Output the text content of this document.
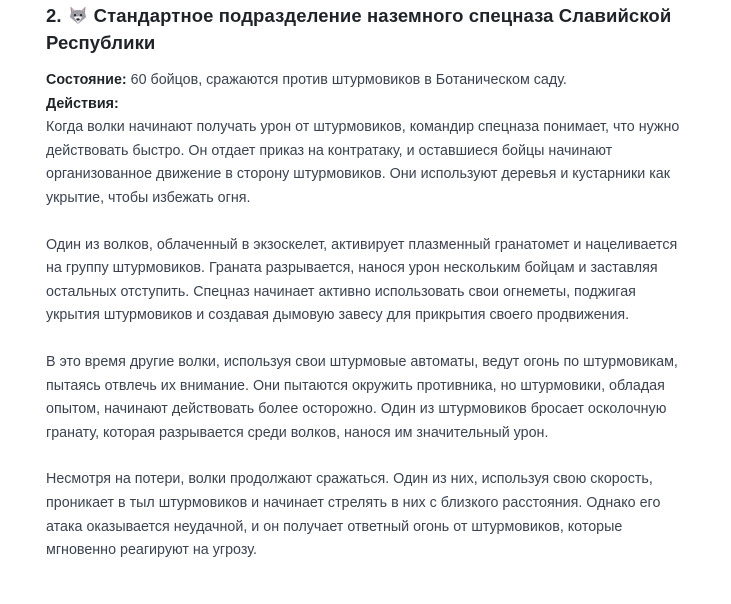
2. Стандартное подразделение наземного спецназа Славийской Республики

Состояние: 60 бойцов, сражаются против штурмовиков в Ботаническом саду.

Действия:

Когда волки начинают получать урон от штурмовиков, командир спецназа понимает, что нужно действовать быстро. Он отдает приказ на контратаку, и оставшиеся бойцы начинают организованное движение в сторону штурмовиков. Они используют деревья и кустарники как укрытие, чтобы избежать огня.

Один из волков, облаченный в экзоскелет, активирует плазменный гранатомет и нацеливается на группу штурмовиков. Граната разрывается, нанося урон нескольким бойцам и заставляя остальных отступить. Спецназ начинает активно использовать свои огнеметы, поджигая укрытия штурмовиков и создавая дымовую завесу для прикрытия своего продвижения.

В это время другие волки, используя свои штурмовые автоматы, ведут огонь по штурмовикам, пытаясь отвлечь их внимание. Они пытаются окружить противника, но штурмовики, обладая опытом, начинают действовать более осторожно. Один из штурмовиков бросает осколочную гранату, которая разрывается среди волков, нанося им значительный урон.

Несмотря на потери, волки продолжают сражаться. Один из них, используя свою скорость, проникает в тыл штурмовиков и начинает стрелять в них с близкого расстояния. Однако его атака оказывается неудачной, и он получает ответный огонь от штурмовиков, которые мгновенно реагируют на угрозу.
